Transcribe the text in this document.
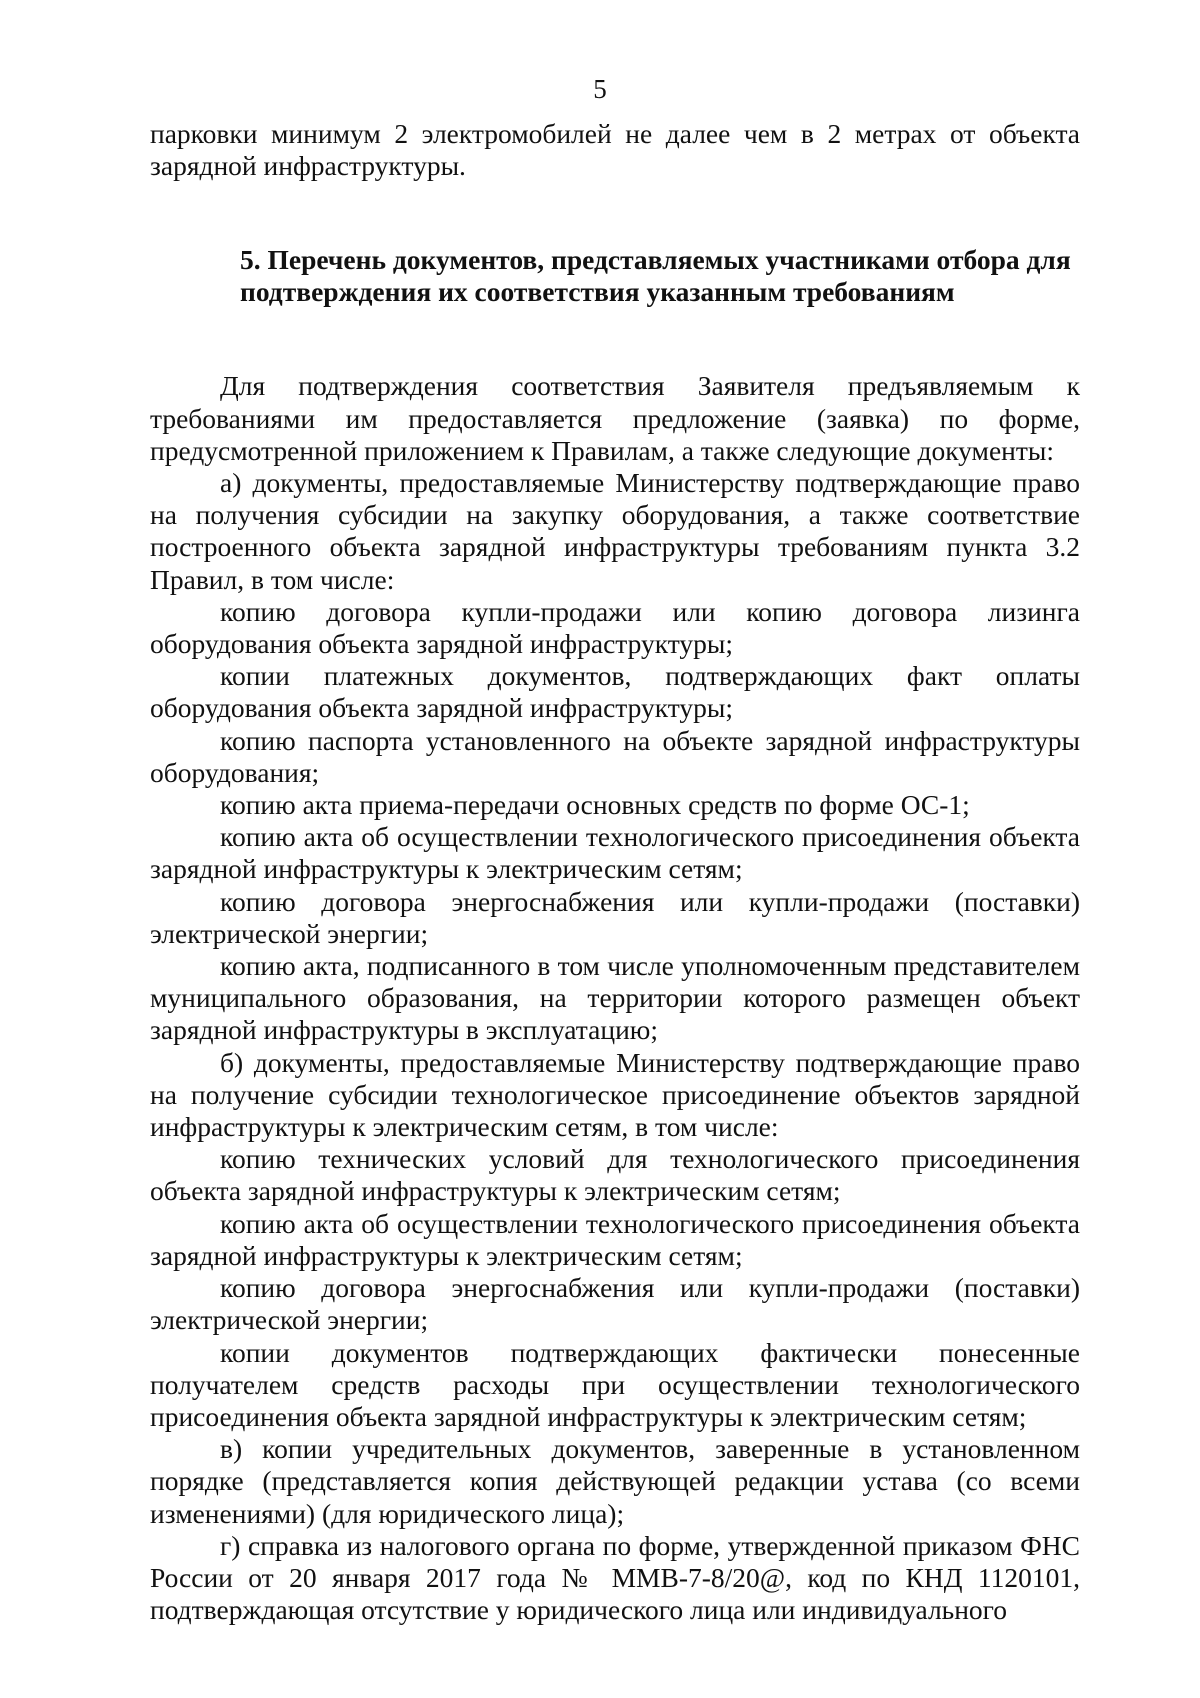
5

парковки минимум 2 электромобилей не далее чем в 2 метрах от объекта зарядной инфраструктуры.

5. Перечень документов, представляемых участниками отбора для подтверждения их соответствия указанным требованиям

Для подтверждения соответствия Заявителя предъявляемым к требованиями им предоставляется предложение (заявка) по форме, предусмотренной приложением к Правилам, а также следующие документы:

а) документы, предоставляемые Министерству подтверждающие право на получения субсидии на закупку оборудования, а также соответствие построенного объекта зарядной инфраструктуры требованиям пункта 3.2 Правил, в том числе:

копию договора купли-продажи или копию договора лизинга оборудования объекта зарядной инфраструктуры;

копии платежных документов, подтверждающих факт оплаты оборудования объекта зарядной инфраструктуры;

копию паспорта установленного на объекте зарядной инфраструктуры оборудования;

копию акта приема-передачи основных средств по форме ОС-1;

копию акта об осуществлении технологического присоединения объекта зарядной инфраструктуры к электрическим сетям;

копию договора энергоснабжения или купли-продажи (поставки) электрической энергии;

копию акта, подписанного в том числе уполномоченным представителем муниципального образования, на территории которого размещен объект зарядной инфраструктуры в эксплуатацию;

б) документы, предоставляемые Министерству подтверждающие право на получение субсидии технологическое присоединение объектов зарядной инфраструктуры к электрическим сетям, в том числе:

копию технических условий для технологического присоединения объекта зарядной инфраструктуры к электрическим сетям;

копию акта об осуществлении технологического присоединения объекта зарядной инфраструктуры к электрическим сетям;

копию договора энергоснабжения или купли-продажи (поставки) электрической энергии;

копии документов подтверждающих фактически понесенные получателем средств расходы при осуществлении технологического присоединения объекта зарядной инфраструктуры к электрическим сетям;

в) копии учредительных документов, заверенные в установленном порядке (представляется копия действующей редакции устава (со всеми изменениями) (для юридического лица);

г) справка из налогового органа по форме, утвержденной приказом ФНС России от 20 января 2017 года № ММВ-7-8/20@, код по КНД 1120101, подтверждающая отсутствие у юридического лица или индивидуального
